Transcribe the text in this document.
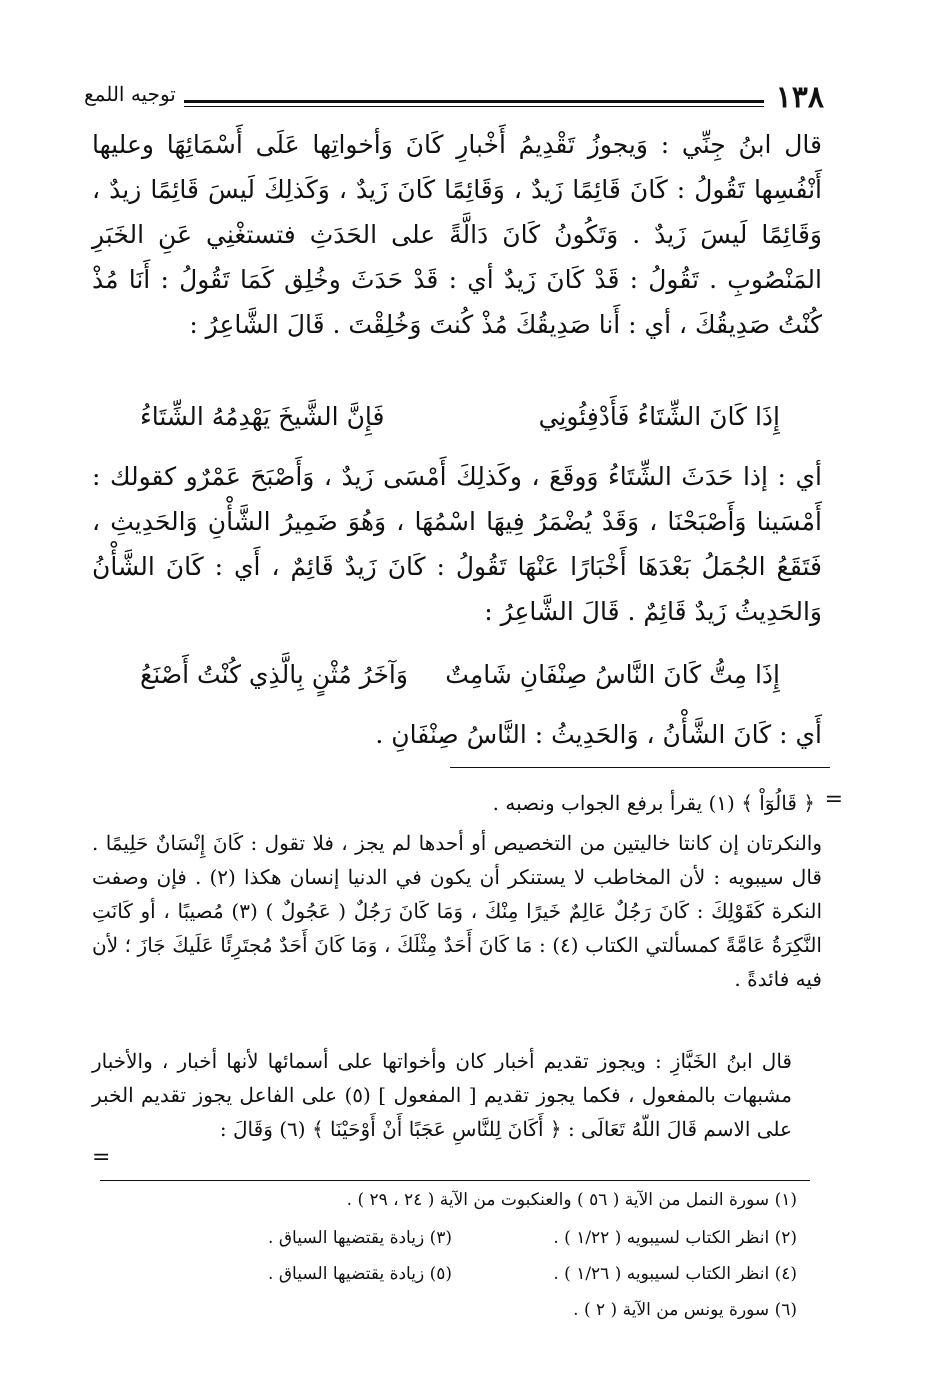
١٣٨
توجيه اللمع

قال ابنُ جِنِّي : وَيجوزُ تَقْدِيمُ أَخْبارِ كَانَ وَأخواتِها عَلَى أَسْمَائِهَا وعليها أَنْفُسِها تَقُولُ : كَانَ قَائِمًا زَيدٌ ، وَقَائِمًا كَانَ زَيدٌ ، وَكَذلِكَ لَيسَ قَائِمًا زيدٌ ، وَقَائِمًا لَيسَ زَيدٌ . وَتَكُونُ كَانَ دَالَّةً على الحَدَثِ فتستغْنِي عَنِ الخَبَرِ المَنْصُوبِ . تَقُولُ : قَدْ كَانَ زَيدٌ أي : قَدْ حَدَثَ وخُلِق كَمَا تَقُولُ : أَنَا مُذْ كُنْتُ صَدِيقُكَ ، أي : أَنا صَدِيقُكَ مُذْ كُنتَ وَخُلِقْتَ . قَالَ الشَّاعِرُ :

إِذَا كَانَ الشِّتَاءُ فَأَدْفِئُونِي
فَإِنَّ الشَّيخَ يَهْدِمُهُ الشِّتَاءُ

أي : إذا حَدَثَ الشِّتَاءُ وَوقَعَ ، وكَذلِكَ أَمْسَى زَيدٌ ، وَأَصْبَحَ عَمْرٌو كقولك : أَمْسَينا وَأَصْبَحْنَا ، وَقَدْ يُضْمَرُ فِيهَا اسْمُهَا ، وَهُوَ ضَمِيرُ الشَّأْنِ وَالحَدِيثِ ، فَتَقَعُ الجُمَلُ بَعْدَهَا أَخْبَارًا عَنْهَا تَقُولُ : كَانَ زَيدٌ قَائِمٌ ، أَي : كَانَ الشَّأْنُ وَالحَدِيثُ زَيدٌ قَائِمٌ . قَالَ الشَّاعِرُ :

إِذَا مِتُّ كَانَ النَّاسُ صِنْفَانِ شَامِتٌ
وَآخَرُ مُثْنٍ بِالَّذِي كُنْتُ أَصْنَعُ

أَي : كَانَ الشَّأْنُ ، وَالحَدِيثُ : النَّاسُ صِنْفَانِ .

=

﴿ قَالُوٓاْ ﴾ (١) يقرأ برفع الجواب ونصبه .

والنكرتان إن كانتا خاليتين من التخصيص أو أحدها لم يجز ، فلا تقول : كَانَ إِنْسَانٌ حَلِيمًا . قال سيبويه : لأن المخاطب لا يستنكر أن يكون في الدنيا إنسان هكذا (٢) . فإن وصفت النكرة كَقَوْلِكَ : كَانَ رَجُلٌ عَالِمٌ خَيرًا مِنْكَ ، وَمَا كَانَ رَجُلٌ ( عَجُولٌ ) (٣) مُصيبًا ، أو كَانَتِ النَّكِرَةُ عَامَّةً كمسألتي الكتاب (٤) : مَا كَانَ أَحَدٌ مِثْلَكَ ، وَمَا كَانَ أَحَدٌ مُجتَرِئًا عَلَيكَ جَازَ ؛ لأن فيه فائدةً .

قال ابنُ الخَبَّازِ : ويجوز تقديم أخبار كان وأخواتها على أسمائها لأنها أخبار ، والأخبار مشبهات بالمفعول ، فكما يجوز تقديم [ المفعول ] (٥) على الفاعل يجوز تقديم الخبر على الاسم قَالَ اللّهُ تَعَالَى : ﴿ أَكَانَ لِلنَّاسِ عَجَبًا أَنْ أَوْحَيْنَا ﴾ (٦) وَقَالَ :

=
(١) سورة النمل من الآية ( ٥٦ ) والعنكبوت من الآية ( ٢٤ ، ٢٩ ) .
(٢) انظر الكتاب لسيبويه ( ١/٢٢ ) .
(٣) زيادة يقتضيها السياق .
(٤) انظر الكتاب لسيبويه ( ١/٢٦ ) .
(٥) زيادة يقتضيها السياق .
(٦) سورة يونس من الآية ( ٢ ) .
